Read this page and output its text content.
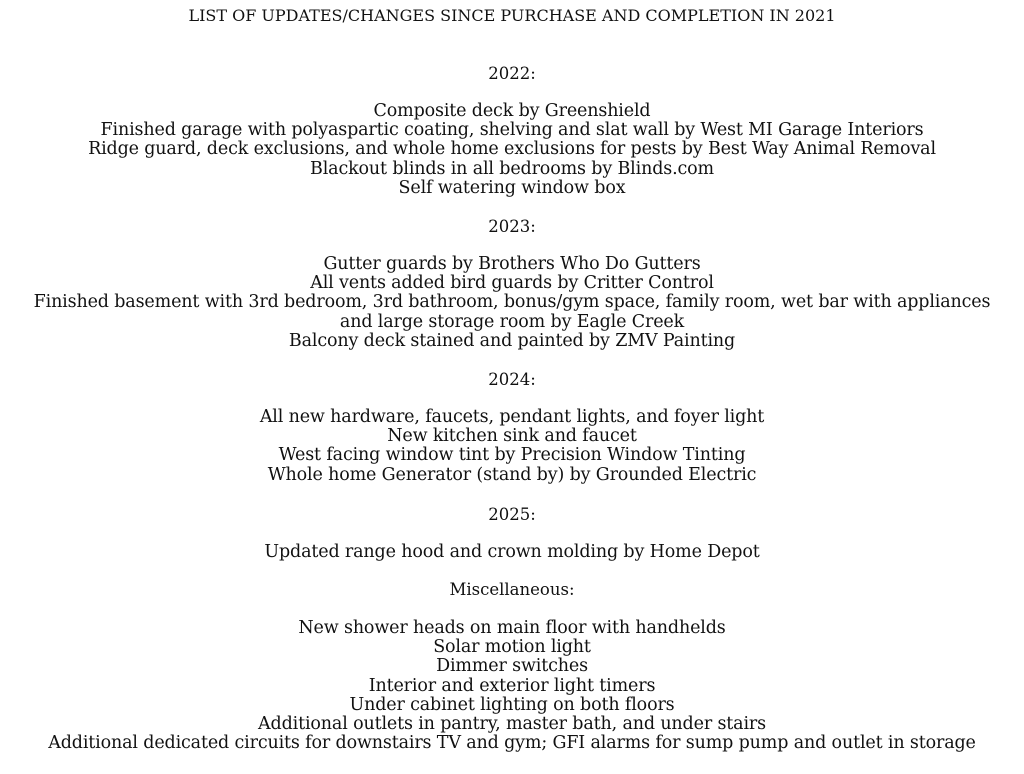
LIST OF UPDATES/CHANGES SINCE PURCHASE AND COMPLETION IN 2021
2022:
Composite deck by Greenshield
Finished garage with polyaspartic coating, shelving and slat wall by West MI Garage Interiors
Ridge guard, deck exclusions, and whole home exclusions for pests by Best Way Animal Removal
Blackout blinds in all bedrooms by Blinds.com
Self watering window box
2023:
Gutter guards by Brothers Who Do Gutters
All vents added bird guards by Critter Control
Finished basement with 3rd bedroom, 3rd bathroom, bonus/gym space, family room, wet bar with appliances
and large storage room by Eagle Creek
Balcony deck stained and painted by ZMV Painting
2024:
All new hardware, faucets, pendant lights, and foyer light
New kitchen sink and faucet
West facing window tint by Precision Window Tinting
Whole home Generator (stand by) by Grounded Electric
2025:
Updated range hood and crown molding by Home Depot
Miscellaneous:
New shower heads on main floor with handhelds
Solar motion light
Dimmer switches
Interior and exterior light timers
Under cabinet lighting on both floors
Additional outlets in pantry, master bath, and under stairs
Additional dedicated circuits for downstairs TV and gym; GFI alarms for sump pump and outlet in storage
